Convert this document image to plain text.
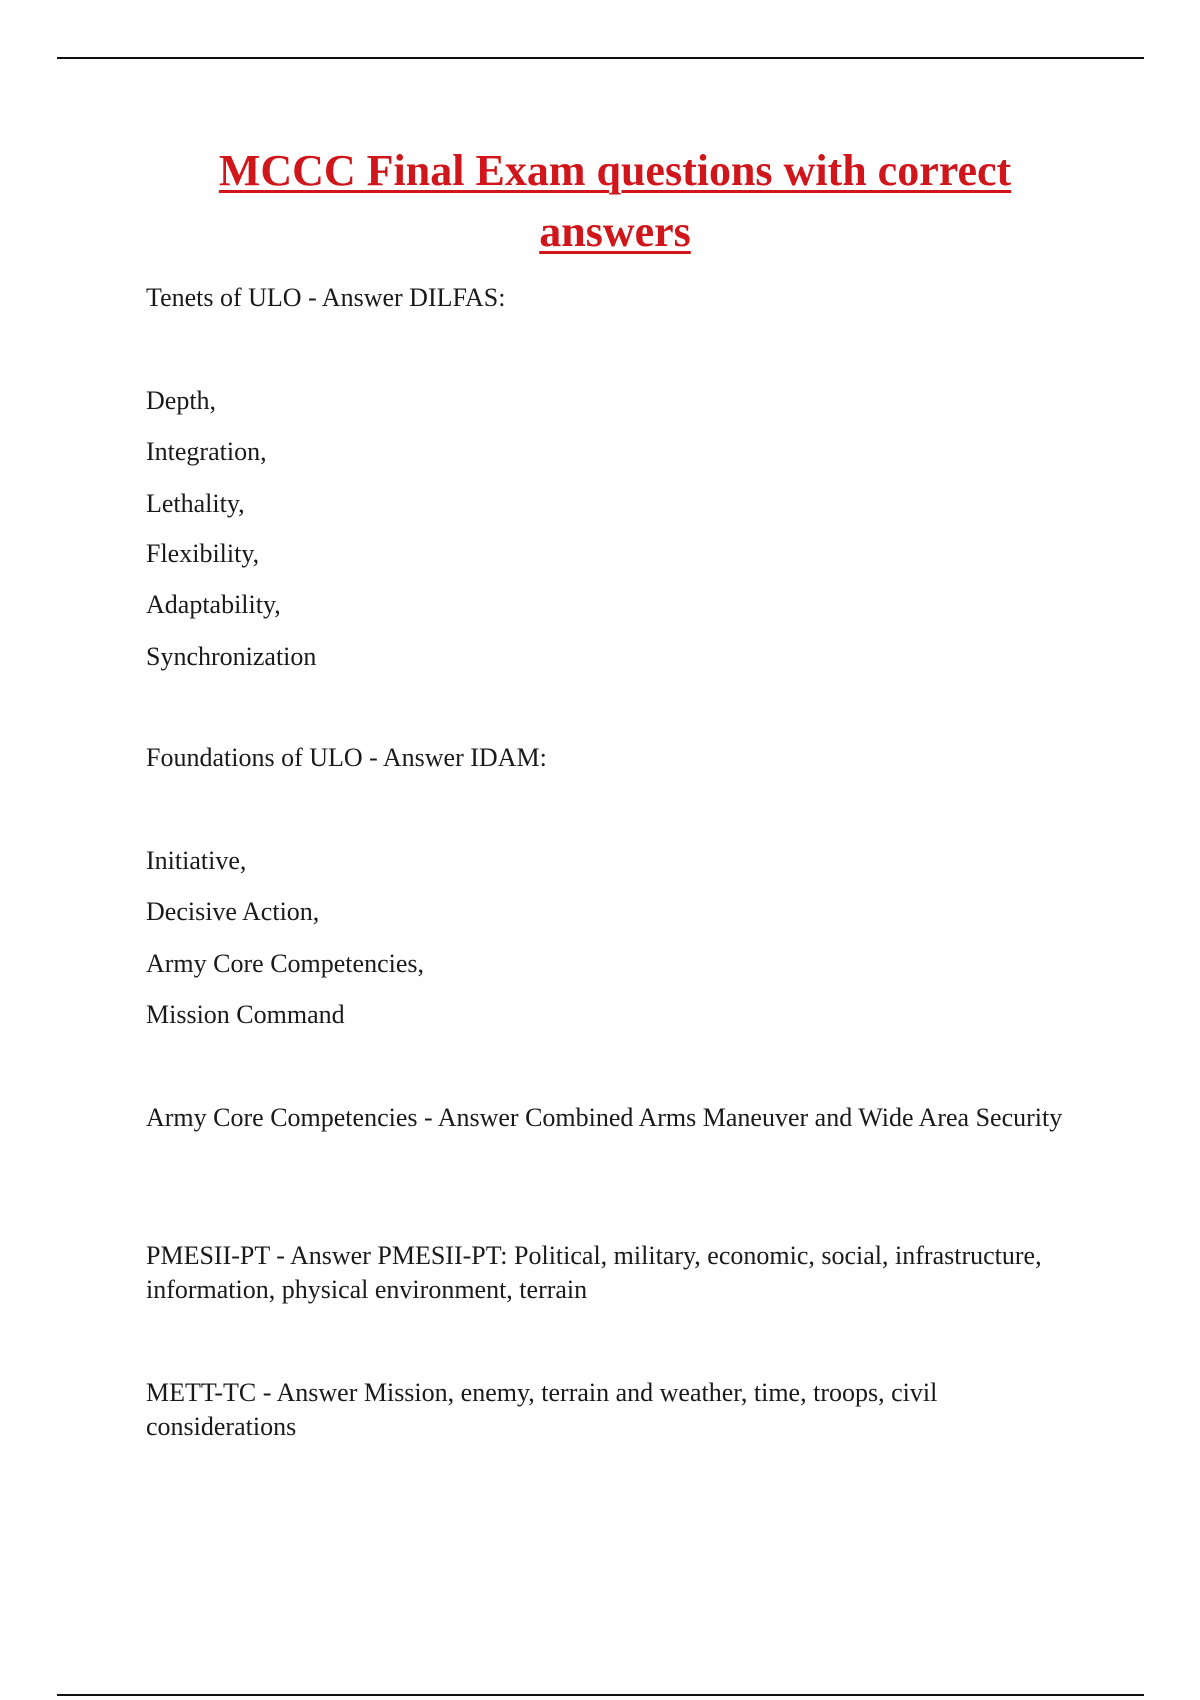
MCCC Final Exam questions with correct answers

Tenets of ULO - Answer DILFAS:

Depth,

Integration,

Lethality,

Flexibility,

Adaptability,

Synchronization

Foundations of ULO - Answer IDAM:

Initiative,

Decisive Action,

Army Core Competencies,

Mission Command

Army Core Competencies - Answer Combined Arms Maneuver and Wide Area Security

PMESII-PT - Answer PMESII-PT: Political, military, economic, social, infrastructure, information, physical environment, terrain

METT-TC - Answer Mission, enemy, terrain and weather, time, troops, civil considerations
